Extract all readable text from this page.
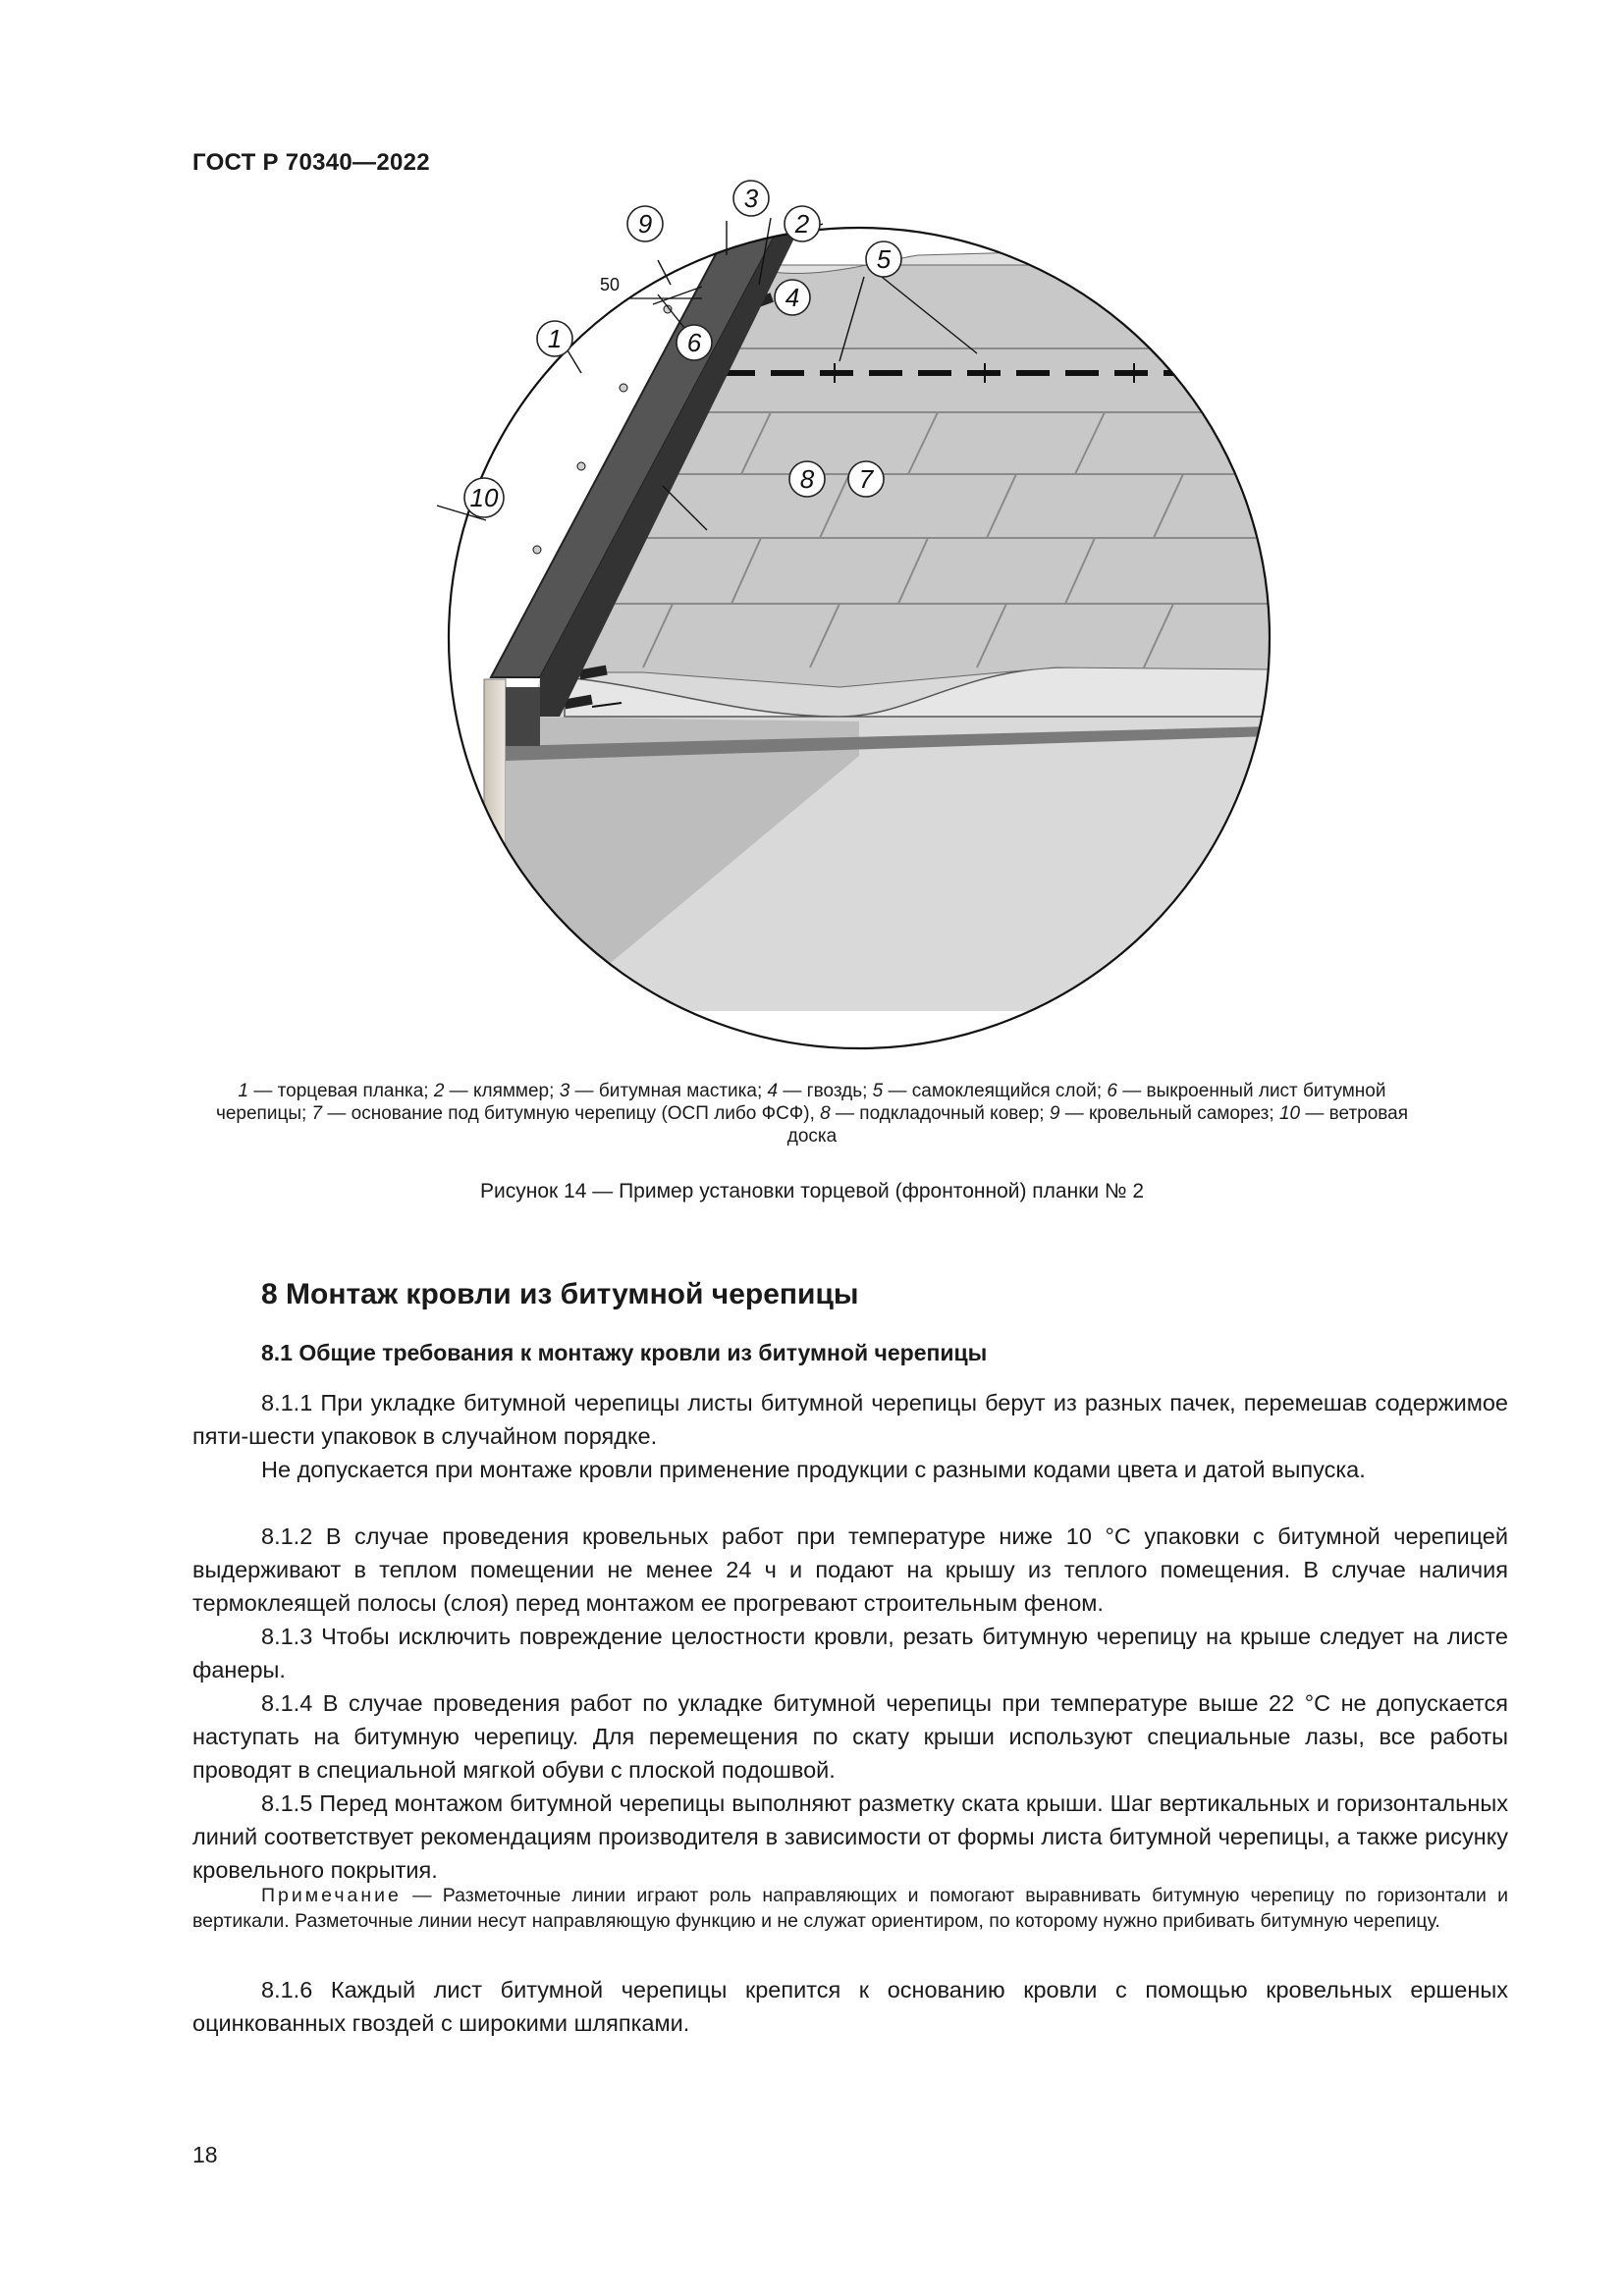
ГОСТ Р 70340—2022
50
1
2
3
4
5
6
7
8
9
10
1 — торцевая планка; 2 — кляммер; 3 — битумная мастика; 4 — гвоздь; 5 — самоклеящийся слой; 6 — выкроенный лист битумной черепицы; 7 — основание под битумную черепицу (ОСП либо ФСФ), 8 — подкладочный ковер; 9 — кровельный саморез; 10 — ветровая доска
Рисунок 14 — Пример установки торцевой (фронтонной) планки № 2
8 Монтаж кровли из битумной черепицы
8.1 Общие требования к монтажу кровли из битумной черепицы
8.1.1 При укладке битумной черепицы листы битумной черепицы берут из разных пачек, перемешав содержимое пяти-шести упаковок в случайном порядке.
Не допускается при монтаже кровли применение продукции с разными кодами цвета и датой выпуска.
8.1.2 В случае проведения кровельных работ при температуре ниже 10 °С упаковки с битумной черепицей выдерживают в теплом помещении не менее 24 ч и подают на крышу из теплого помещения. В случае наличия термоклеящей полосы (слоя) перед монтажом ее прогревают строительным феном.
8.1.3 Чтобы исключить повреждение целостности кровли, резать битумную черепицу на крыше следует на листе фанеры.
8.1.4 В случае проведения работ по укладке битумной черепицы при температуре выше 22 °С не допускается наступать на битумную черепицу. Для перемещения по скату крыши используют специальные лазы, все работы проводят в специальной мягкой обуви с плоской подошвой.
8.1.5 Перед монтажом битумной черепицы выполняют разметку ската крыши. Шаг вертикальных и горизонтальных линий соответствует рекомендациям производителя в зависимости от формы листа битумной черепицы, а также рисунку кровельного покрытия.
Примечание — Разметочные линии играют роль направляющих и помогают выравнивать битумную черепицу по горизонтали и вертикали. Разметочные линии несут направляющую функцию и не служат ориентиром, по которому нужно прибивать битумную черепицу.
8.1.6 Каждый лист битумной черепицы крепится к основанию кровли с помощью кровельных ершеных оцинкованных гвоздей с широкими шляпками.
18
